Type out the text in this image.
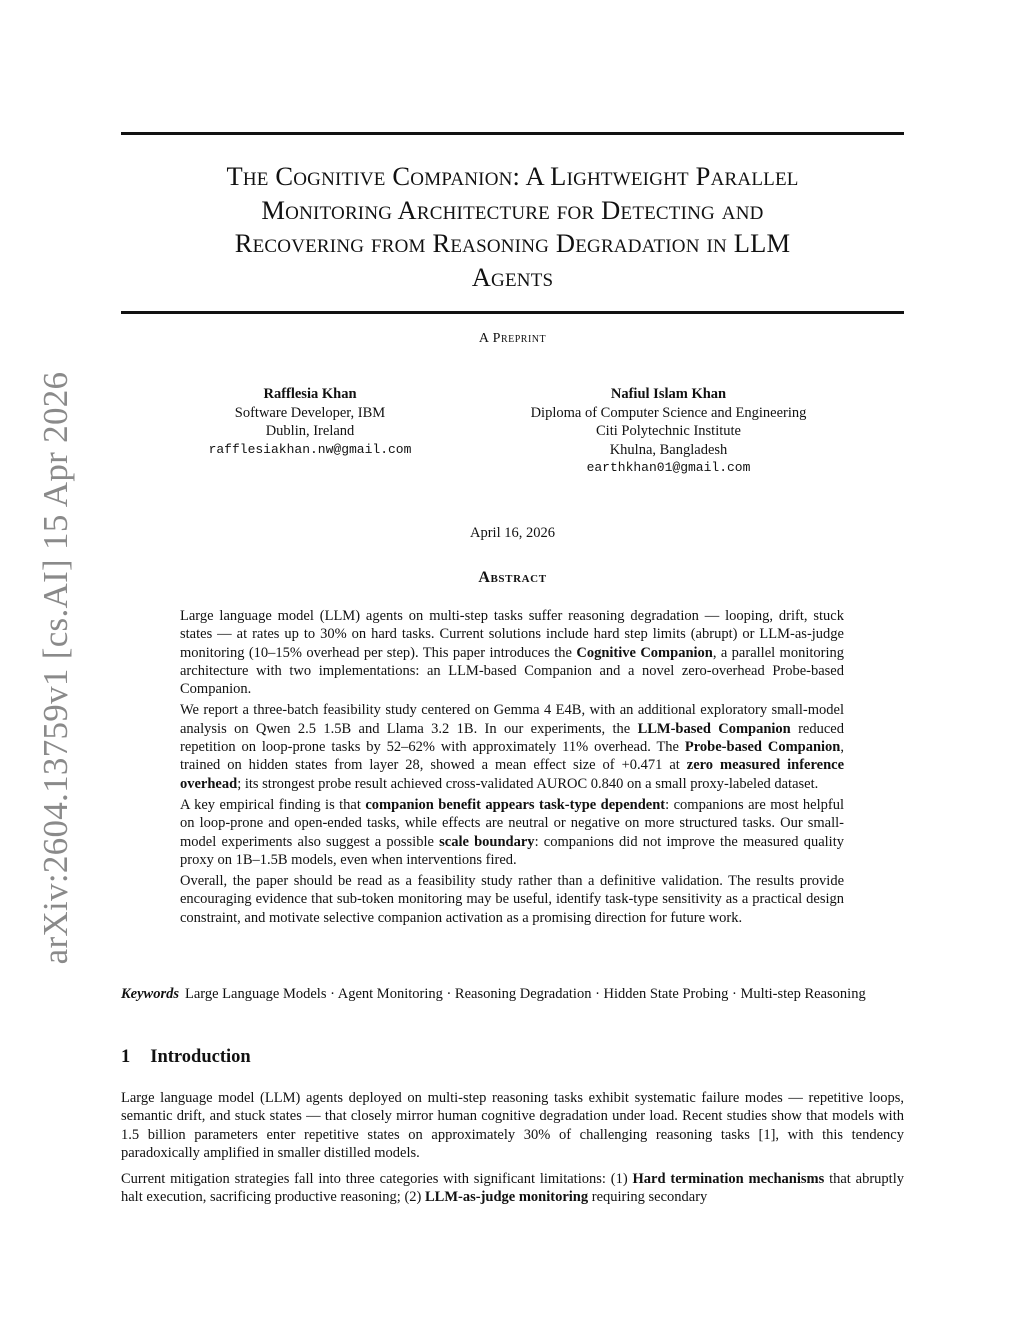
arXiv:2604.13759v1 [cs.AI] 15 Apr 2026
The Cognitive Companion: A Lightweight Parallel
Monitoring Architecture for Detecting and
Recovering from Reasoning Degradation in LLM
Agents
A Preprint
Rafflesia Khan
Software Developer, IBM
Dublin, Ireland
rafflesiakhan.nw@gmail.com
Nafiul Islam Khan
Diploma of Computer Science and Engineering
Citi Polytechnic Institute
Khulna, Bangladesh
earthkhan01@gmail.com
April 16, 2026
Abstract

Large language model (LLM) agents on multi-step tasks suffer reasoning degradation — looping, drift, stuck states — at rates up to 30% on hard tasks. Current solutions include hard step limits (abrupt) or LLM-as-judge monitoring (10–15% overhead per step). This paper introduces the Cognitive Companion, a parallel monitoring architecture with two implementations: an LLM-based Companion and a novel zero-overhead Probe-based Companion.

We report a three-batch feasibility study centered on Gemma 4 E4B, with an additional exploratory small-model analysis on Qwen 2.5 1.5B and Llama 3.2 1B. In our experiments, the LLM-based Companion reduced repetition on loop-prone tasks by 52–62% with approximately 11% overhead. The Probe-based Companion, trained on hidden states from layer 28, showed a mean effect size of +0.471 at zero measured inference overhead; its strongest probe result achieved cross-validated AUROC 0.840 on a small proxy-labeled dataset.

A key empirical finding is that companion benefit appears task-type dependent: companions are most helpful on loop-prone and open-ended tasks, while effects are neutral or negative on more structured tasks. Our small-model experiments also suggest a possible scale boundary: companions did not improve the measured quality proxy on 1B–1.5B models, even when interventions fired.

Overall, the paper should be read as a feasibility study rather than a definitive validation. The results provide encouraging evidence that sub-token monitoring may be useful, identify task-type sensitivity as a practical design constraint, and motivate selective companion activation as a promising direction for future work.

Keywords Large Language Models · Agent Monitoring · Reasoning Degradation · Hidden State Probing · Multi-step Reasoning
1 Introduction

Large language model (LLM) agents deployed on multi-step reasoning tasks exhibit systematic failure modes — repetitive loops, semantic drift, and stuck states — that closely mirror human cognitive degradation under load. Recent studies show that models with 1.5 billion parameters enter repetitive states on approximately 30% of challenging reasoning tasks [1], with this tendency paradoxically amplified in smaller distilled models.

Current mitigation strategies fall into three categories with significant limitations: (1) Hard termination mechanisms that abruptly halt execution, sacrificing productive reasoning; (2) LLM-as-judge monitoring requiring secondary
